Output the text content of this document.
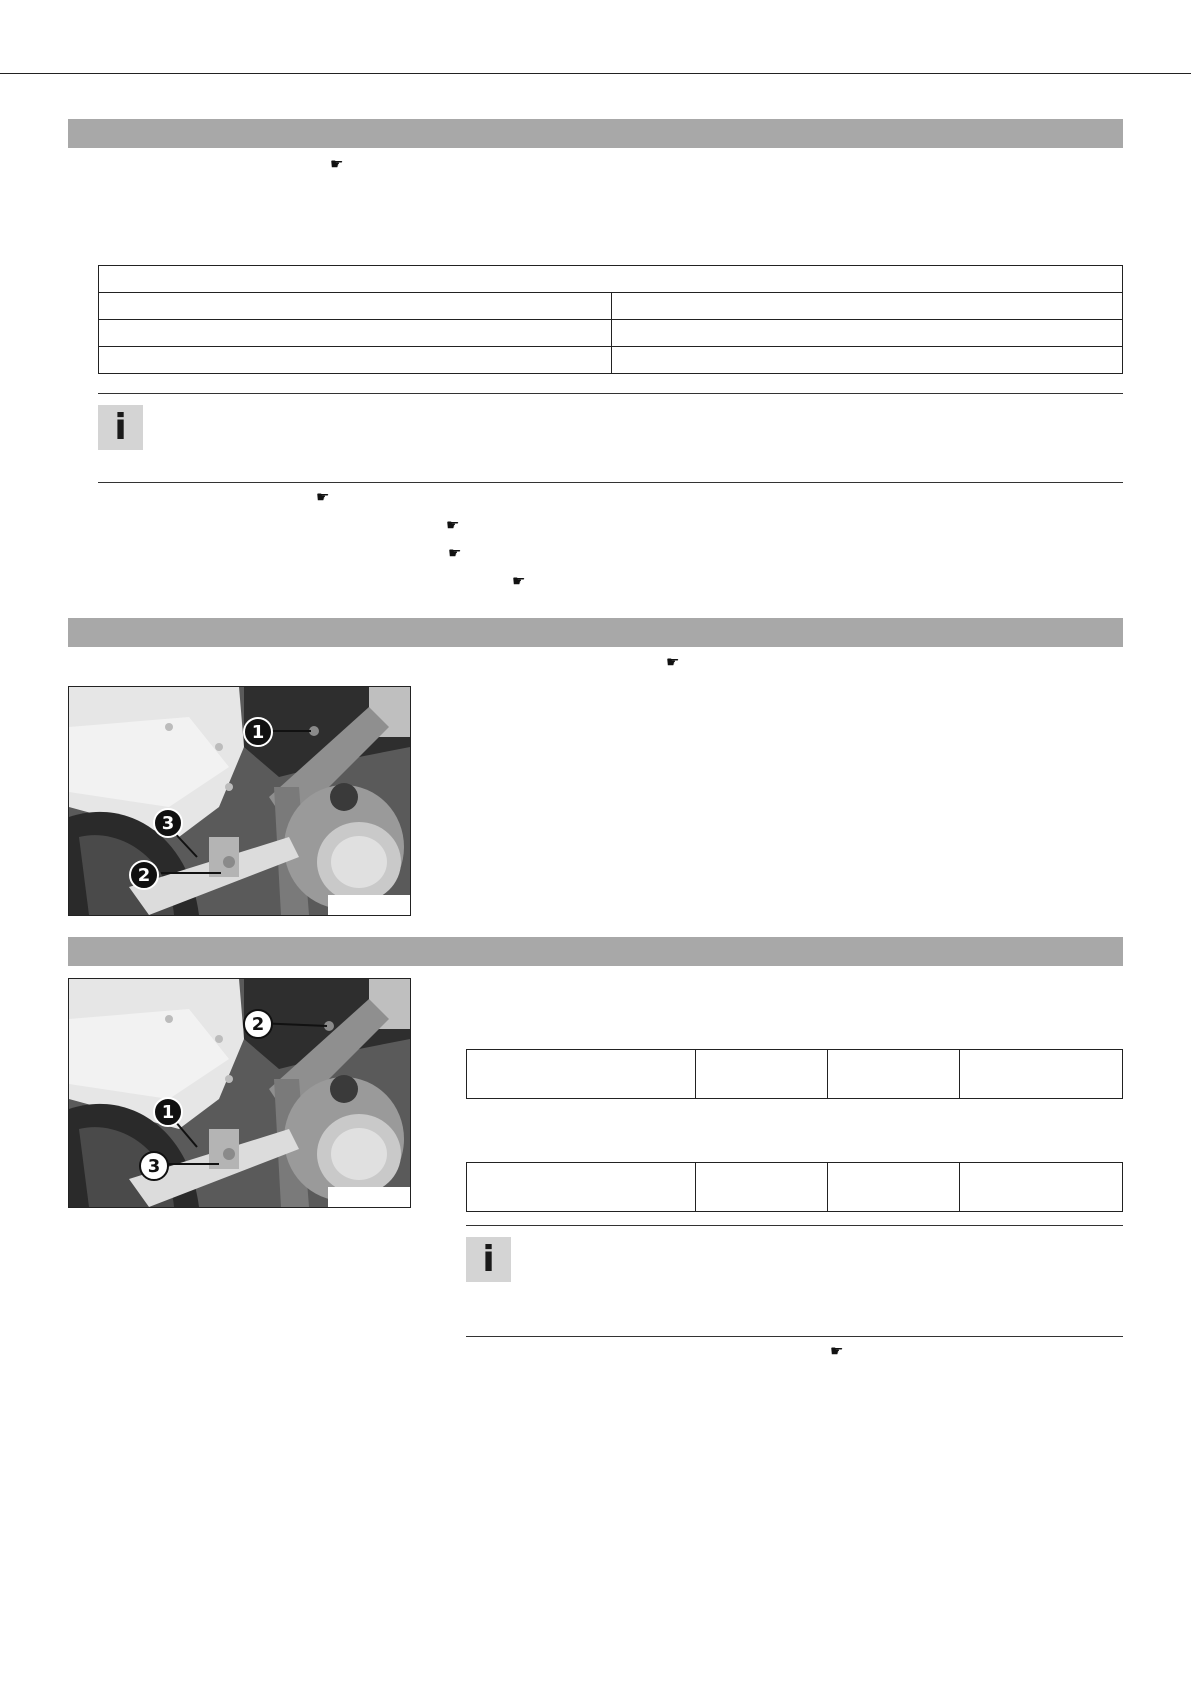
☛

i
☛
☛
☛
☛
☛
1
2
3
2
1
3

i
☛
